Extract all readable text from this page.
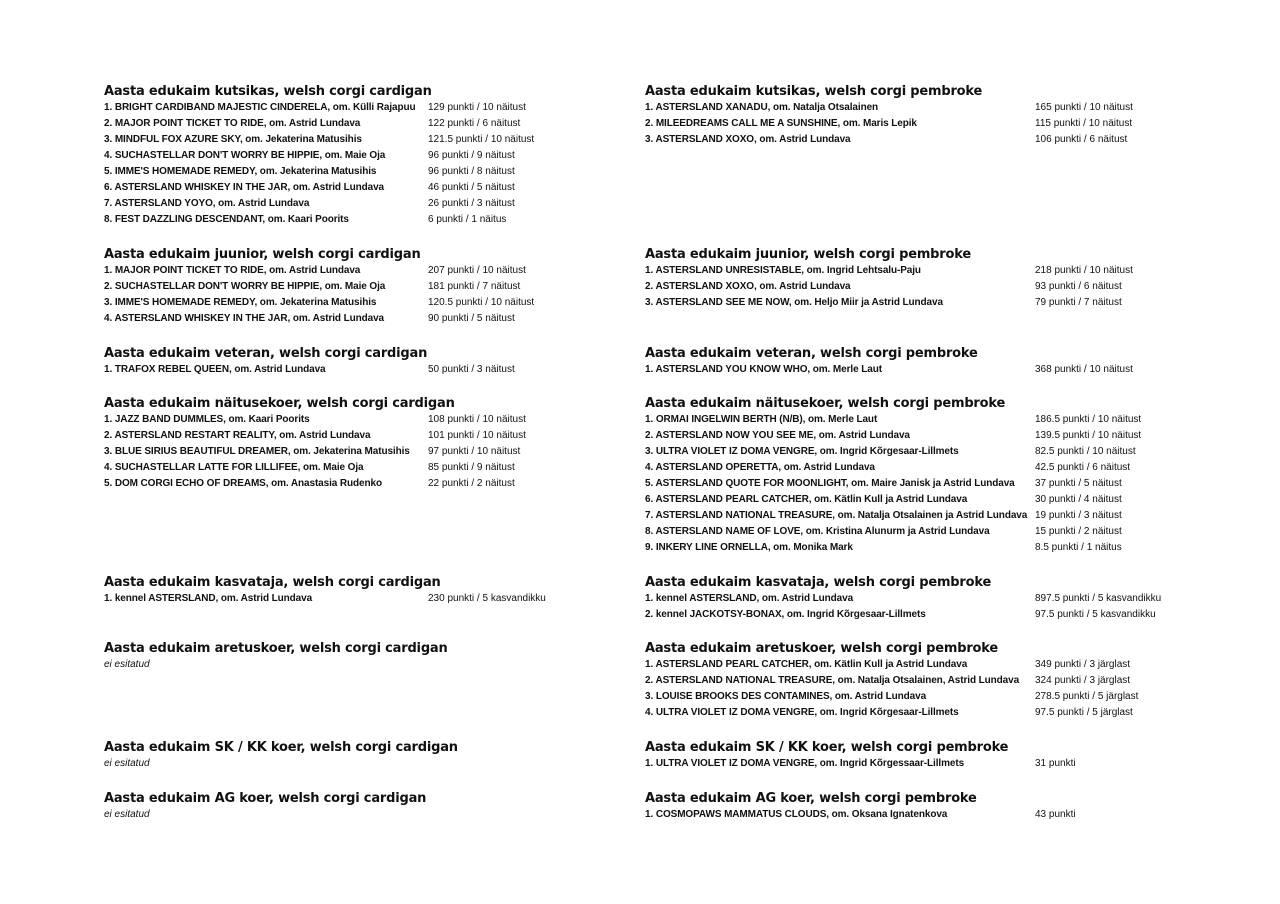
Aasta edukaim kutsikas, welsh corgi cardigan
1. BRIGHT CARDIBAND MAJESTIC CINDERELA, om. Külli Rajapuu 129 punkti / 10 näitust
2. MAJOR POINT TICKET TO RIDE, om. Astrid Lundava	122 punkti / 6 näitust
3. MINDFUL FOX AZURE SKY, om. Jekaterina Matusihis	121.5 punkti / 10 näitust
4. SUCHASTELLAR DON'T WORRY BE HIPPIE, om. Maie Oja	96 punkti / 9 näitust
5. IMME'S HOMEMADE REMEDY, om. Jekaterina Matusihis	96 punkti / 8 näitust
6. ASTERSLAND WHISKEY IN THE JAR, om. Astrid Lundava	46 punkti / 5 näitust
7. ASTERSLAND YOYO, om. Astrid Lundava	26 punkti / 3 näitust
8. FEST DAZZLING DESCENDANT, om. Kaari Poorits	6 punkti / 1 näitus
Aasta edukaim juunior, welsh corgi cardigan
1. MAJOR POINT TICKET TO RIDE, om. Astrid Lundava	207 punkti / 10 näitust
2. SUCHASTELLAR DON'T WORRY BE HIPPIE, om. Maie Oja	181 punkti / 7 näitust
3. IMME'S HOMEMADE REMEDY, om. Jekaterina Matusihis	120.5 punkti / 10 näitust
4. ASTERSLAND WHISKEY IN THE JAR, om. Astrid Lundava	90 punkti / 5 näitust
Aasta edukaim veteran, welsh corgi cardigan
1. TRAFOX REBEL QUEEN, om. Astrid Lundava	50 punkti / 3 näitust
Aasta edukaim näitusekoer, welsh corgi cardigan
1. JAZZ BAND DUMMLES, om. Kaari Poorits	108 punkti / 10 näitust
2. ASTERSLAND RESTART REALITY, om. Astrid Lundava	101 punkti / 10 näitust
3. BLUE SIRIUS BEAUTIFUL DREAMER, om. Jekaterina Matusihis 97 punkti / 10 näitust
4. SUCHASTELLAR LATTE FOR LILLIFEE, om. Maie Oja	85 punkti / 9 näitust
5. DOM CORGI ECHO OF DREAMS, om. Anastasia Rudenko	22 punkti / 2 näitust
Aasta edukaim kasvataja, welsh corgi cardigan
1. kennel ASTERSLAND, om. Astrid Lundava	230 punkti / 5 kasvandikku
Aasta edukaim aretuskoer, welsh corgi cardigan
ei esitatud
Aasta edukaim SK / KK koer, welsh corgi cardigan
ei esitatud
Aasta edukaim AG koer, welsh corgi cardigan
ei esitatud
Aasta edukaim kutsikas, welsh corgi pembroke
1. ASTERSLAND XANADU, om. Natalja Otsalainen	165 punkti / 10 näitust
2. MILEEDREAMS CALL ME A SUNSHINE, om. Maris Lepik	115 punkti / 10 näitust
3. ASTERSLAND XOXO, om. Astrid Lundava	106 punkti / 6 näitust
Aasta edukaim juunior, welsh corgi pembroke
1. ASTERSLAND UNRESISTABLE, om. Ingrid Lehtsalu-Paju	218 punkti / 10 näitust
2. ASTERSLAND XOXO, om. Astrid Lundava	93 punkti / 6 näitust
3. ASTERSLAND SEE ME NOW, om. Heljo Miir ja Astrid Lundava	79 punkti / 7 näitust
Aasta edukaim veteran, welsh corgi pembroke
1. ASTERSLAND YOU KNOW WHO, om. Merle Laut	368 punkti / 10 näitust
Aasta edukaim näitusekoer, welsh corgi pembroke
1. ORMAI INGELWIN BERTH (N/B), om. Merle Laut	186.5 punkti / 10 näitust
2. ASTERSLAND NOW YOU SEE ME, om. Astrid Lundava	139.5 punkti / 10 näitust
3. ULTRA VIOLET IZ DOMA VENGRE, om. Ingrid Kõrgesaar-Lillmets	82.5 punkti / 10 näitust
4. ASTERSLAND OPERETTA, om. Astrid Lundava	42.5 punkti / 6 näitust
5. ASTERSLAND QUOTE FOR MOONLIGHT, om. Maire Janisk ja Astrid Lundava 37 punkti / 5 näitust
6. ASTERSLAND PEARL CATCHER, om. Kätlin Kull ja Astrid Lundava	30 punkti / 4 näitust
7. ASTERSLAND NATIONAL TREASURE, om. Natalja Otsalainen ja Astrid Lundava 19 punkti / 3 näitust
8. ASTERSLAND NAME OF LOVE, om. Kristina Alunurm ja Astrid Lundava	15 punkti / 2 näitust
9. INKERY LINE ORNELLA, om. Monika Mark	8.5 punkti / 1 näitus
Aasta edukaim kasvataja, welsh corgi pembroke
1. kennel ASTERSLAND, om. Astrid Lundava	897.5 punkti / 5 kasvandikku
2. kennel JACKOTSY-BONAX, om. Ingrid Kõrgesaar-Lillmets	97.5 punkti / 5 kasvandikku
Aasta edukaim aretuskoer, welsh corgi pembroke
1. ASTERSLAND PEARL CATCHER, om. Kätlin Kull ja Astrid Lundava	349 punkti / 3 järglast
2. ASTERSLAND NATIONAL TREASURE, om. Natalja Otsalainen, Astrid Lundava 324 punkti / 3 järglast
3. LOUISE BROOKS DES CONTAMINES, om. Astrid Lundava	278.5 punkti / 5 järglast
4. ULTRA VIOLET IZ DOMA VENGRE, om. Ingrid Kõrgesaar-Lillmets	97.5 punkti / 5 järglast
Aasta edukaim SK / KK koer, welsh corgi pembroke
1. ULTRA VIOLET IZ DOMA VENGRE, om. Ingrid Kõrgessaar-Lillmets	31 punkti
Aasta edukaim AG koer, welsh corgi pembroke
1. COSMOPAWS MAMMATUS CLOUDS, om. Oksana Ignatenkova	43 punkti
